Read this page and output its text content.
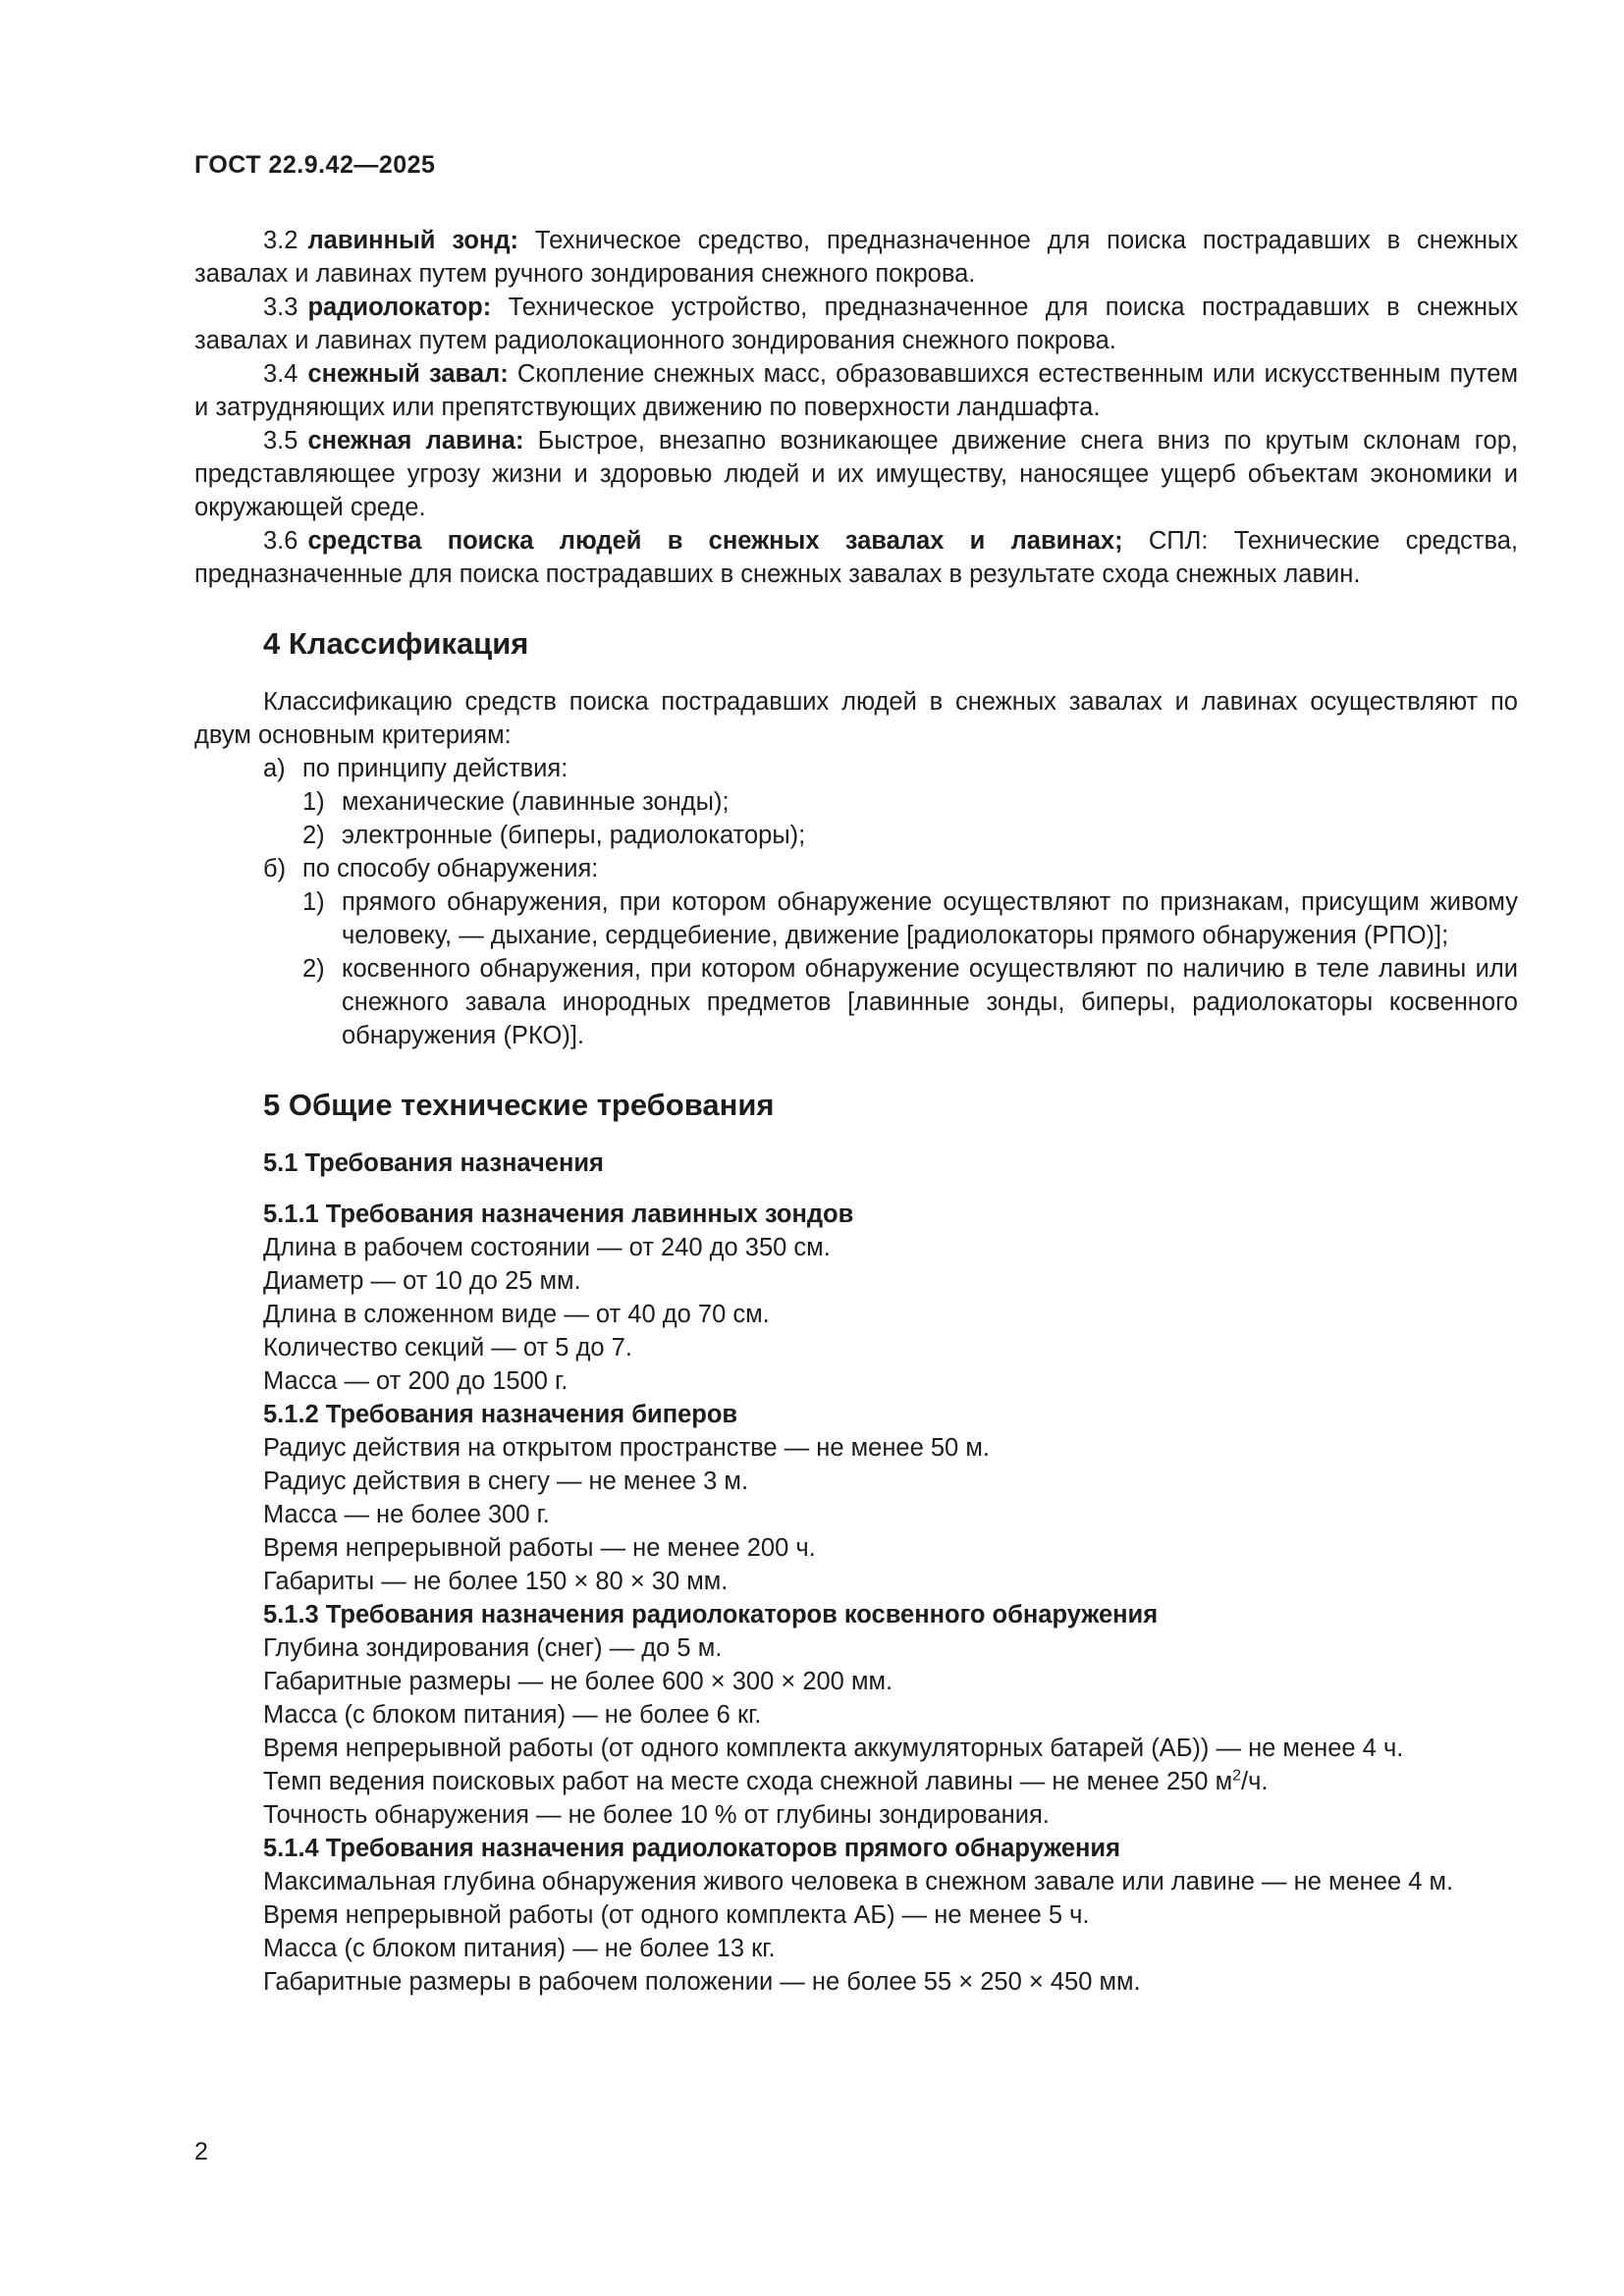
ГОСТ 22.9.42—2025

3.2 лавинный зонд: Техническое средство, предназначенное для поиска пострадавших в снежных завалах и лавинах путем ручного зондирования снежного покрова.

3.3 радиолокатор: Техническое устройство, предназначенное для поиска пострадавших в снежных завалах и лавинах путем радиолокационного зондирования снежного покрова.

3.4 снежный завал: Скопление снежных масс, образовавшихся естественным или искусственным путем и затрудняющих или препятствующих движению по поверхности ландшафта.

3.5 снежная лавина: Быстрое, внезапно возникающее движение снега вниз по крутым склонам гор, представляющее угрозу жизни и здоровью людей и их имуществу, наносящее ущерб объектам экономики и окружающей среде.

3.6 средства поиска людей в снежных завалах и лавинах; СПЛ: Технические средства, предназначенные для поиска пострадавших в снежных завалах в результате схода снежных лавин.

4 Классификация

Классификацию средств поиска пострадавших людей в снежных завалах и лавинах осуществляют по двум основным критериям:

а) по принципу действия:
1) механические (лавинные зонды);
2) электронные (биперы, радиолокаторы);
б) по способу обнаружения:
1) прямого обнаружения, при котором обнаружение осуществляют по признакам, присущим живому человеку, — дыхание, сердцебиение, движение [радиолокаторы прямого обнаружения (РПО)];
2) косвенного обнаружения, при котором обнаружение осуществляют по наличию в теле лавины или снежного завала инородных предметов [лавинные зонды, биперы, радиолокаторы косвенного обнаружения (РКО)].
5 Общие технические требования
5.1 Требования назначения
5.1.1 Требования назначения лавинных зондов
Длина в рабочем состоянии — от 240 до 350 см.
Диаметр — от 10 до 25 мм.
Длина в сложенном виде — от 40 до 70 см.
Количество секций — от 5 до 7.
Масса — от 200 до 1500 г.
5.1.2 Требования назначения биперов
Радиус действия на открытом пространстве — не менее 50 м.
Радиус действия в снегу — не менее 3 м.
Масса — не более 300 г.
Время непрерывной работы — не менее 200 ч.
Габариты — не более 150 × 80 × 30 мм.
5.1.3 Требования назначения радиолокаторов косвенного обнаружения
Глубина зондирования (снег) — до 5 м.
Габаритные размеры — не более 600 × 300 × 200 мм.
Масса (с блоком питания) — не более 6 кг.
Время непрерывной работы (от одного комплекта аккумуляторных батарей (АБ)) — не менее 4 ч.
Темп ведения поисковых работ на месте схода снежной лавины — не менее 250 $м^2/ч$.
Точность обнаружения — не более 10 % от глубины зондирования.
5.1.4 Требования назначения радиолокаторов прямого обнаружения

Максимальная глубина обнаружения живого человека в снежном завале или лавине — не менее 4 м.

Время непрерывной работы (от одного комплекта АБ) — не менее 5 ч.
Масса (с блоком питания) — не более 13 кг.
Габаритные размеры в рабочем положении — не более 55 × 250 × 450 мм.
2
